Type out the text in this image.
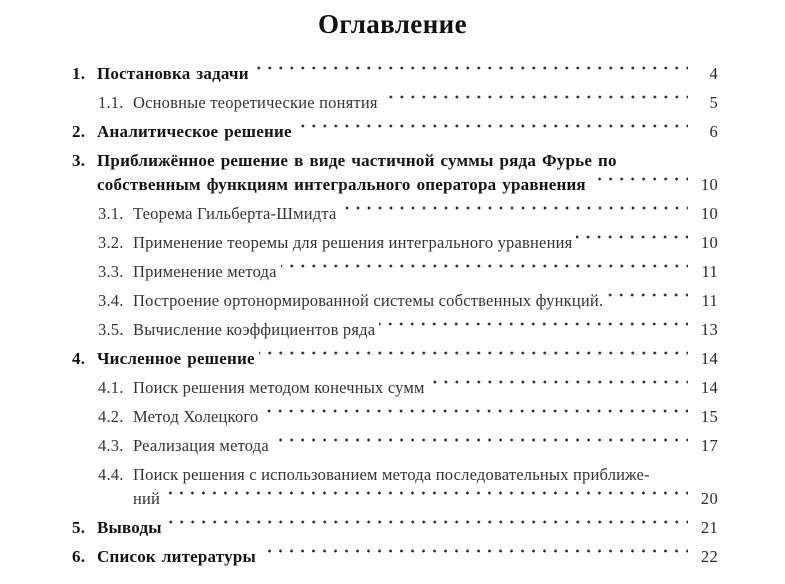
Оглавление
1. Постановка задачи	4
1.1. Основные теоретические понятия	5
2. Аналитическое решение	6
3. Приближённое решение в виде частичной суммы ряда Фурье по
собственным функциям интегрального оператора уравнения	10
3.1. Теорема Гильберта-Шмидта	10
3.2. Применение теоремы для решения интегрального уравнения	10
3.3. Применение метода	11
3.4. Построение ортонормированной системы собственных функций.	11
3.5. Вычисление коэффициентов ряда	13
4. Численное решение	14
4.1. Поиск решения методом конечных сумм	14
4.2. Метод Холецкого	15
4.3. Реализация метода	17
4.4. Поиск решения с использованием метода последовательных приближе-
ний	20
5. Выводы	21
6. Список литературы	22
